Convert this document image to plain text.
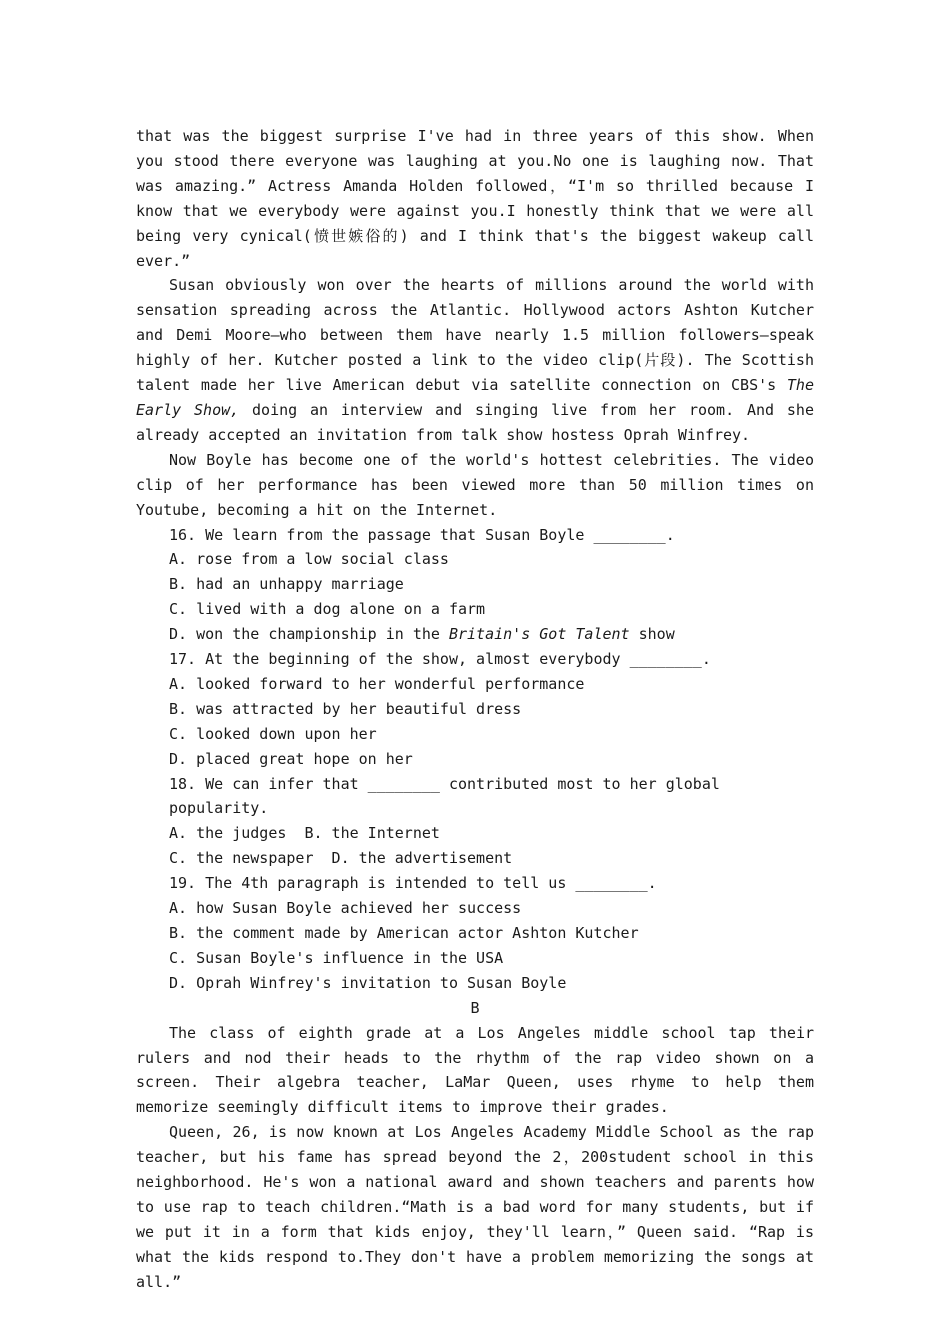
that was the biggest surprise I've had in three years of this show. When you stood there everyone was laughing at you.No one is laughing now. That was amazing.” Actress Amanda Holden followed，“I'm so thrilled because I know that we everybody were against you.I honestly think that we were all being very cynical(愤世嫉俗的) and I think that's the biggest wakeup call ever.”

Susan obviously won over the hearts of millions around the world with sensation spreading across the Atlantic. Hollywood actors Ashton Kutcher and Demi Moore—who between them have nearly 1.5 million followers—speak highly of her. Kutcher posted a link to the video clip(片段). The Scottish talent made her live American debut via satellite connection on CBS's The Early Show, doing an interview and singing live from her room. And she already accepted an invitation from talk show hostess Oprah Winfrey.

Now Boyle has become one of the world's hottest celebrities. The video clip of her performance has been viewed more than 50 million times on Youtube, becoming a hit on the Internet.

16. We learn from the passage that Susan Boyle ________.

A. rose from a low social class

B. had an unhappy marriage

C. lived with a dog alone on a farm

D. won the championship in the Britain's Got Talent show

17. At the beginning of the show, almost everybody ________.

A. looked forward to her wonderful performance

B. was attracted by her beautiful dress

C. looked down upon her

D. placed great hope on her

18. We can infer that ________ contributed most to her global popularity.

A. the judges  B. the Internet

C. the newspaper  D. the advertisement

19. The 4th paragraph is intended to tell us ________.

A. how Susan Boyle achieved her success

B. the comment made by American actor Ashton Kutcher

C. Susan Boyle's influence in the USA

D. Oprah Winfrey's invitation to Susan Boyle

B

The class of eighth grade at a Los Angeles middle school tap their rulers and nod their heads to the rhythm of the rap video shown on a screen. Their algebra teacher, LaMar Queen, uses rhyme to help them memorize seemingly difficult items to improve their grades.

Queen, 26, is now known at Los Angeles Academy Middle School as the rap teacher, but his fame has spread beyond the 2，200student school in this neighborhood. He's won a national award and shown teachers and parents how to use rap to teach children.“Math is a bad word for many students, but if we put it in a form that kids enjoy, they'll learn，” Queen said. “Rap is what the kids respond to.They don't have a problem memorizing the songs at all.”
